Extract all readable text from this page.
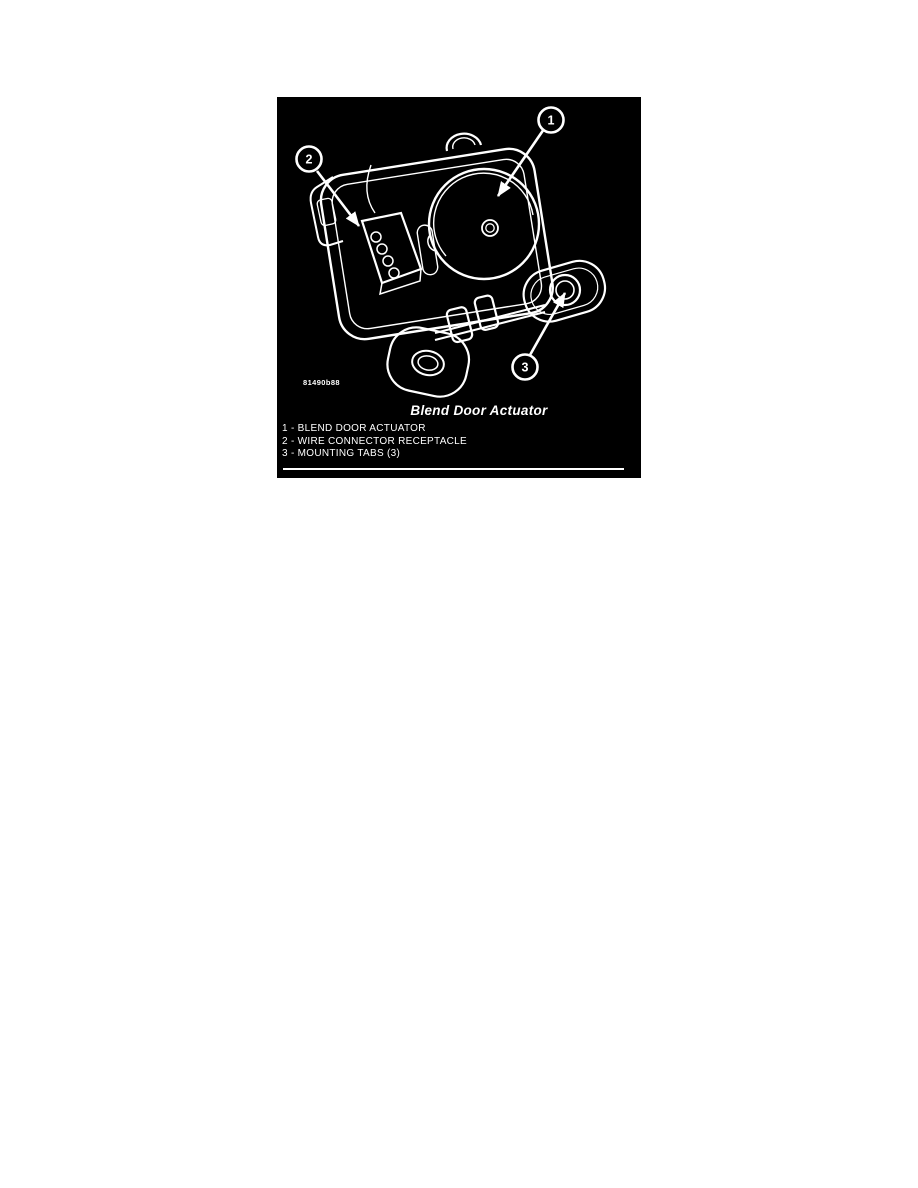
1
2
3
81490b88
Blend Door Actuator
1 - BLEND DOOR ACTUATOR
2 - WIRE CONNECTOR RECEPTACLE
3 - MOUNTING TABS (3)
